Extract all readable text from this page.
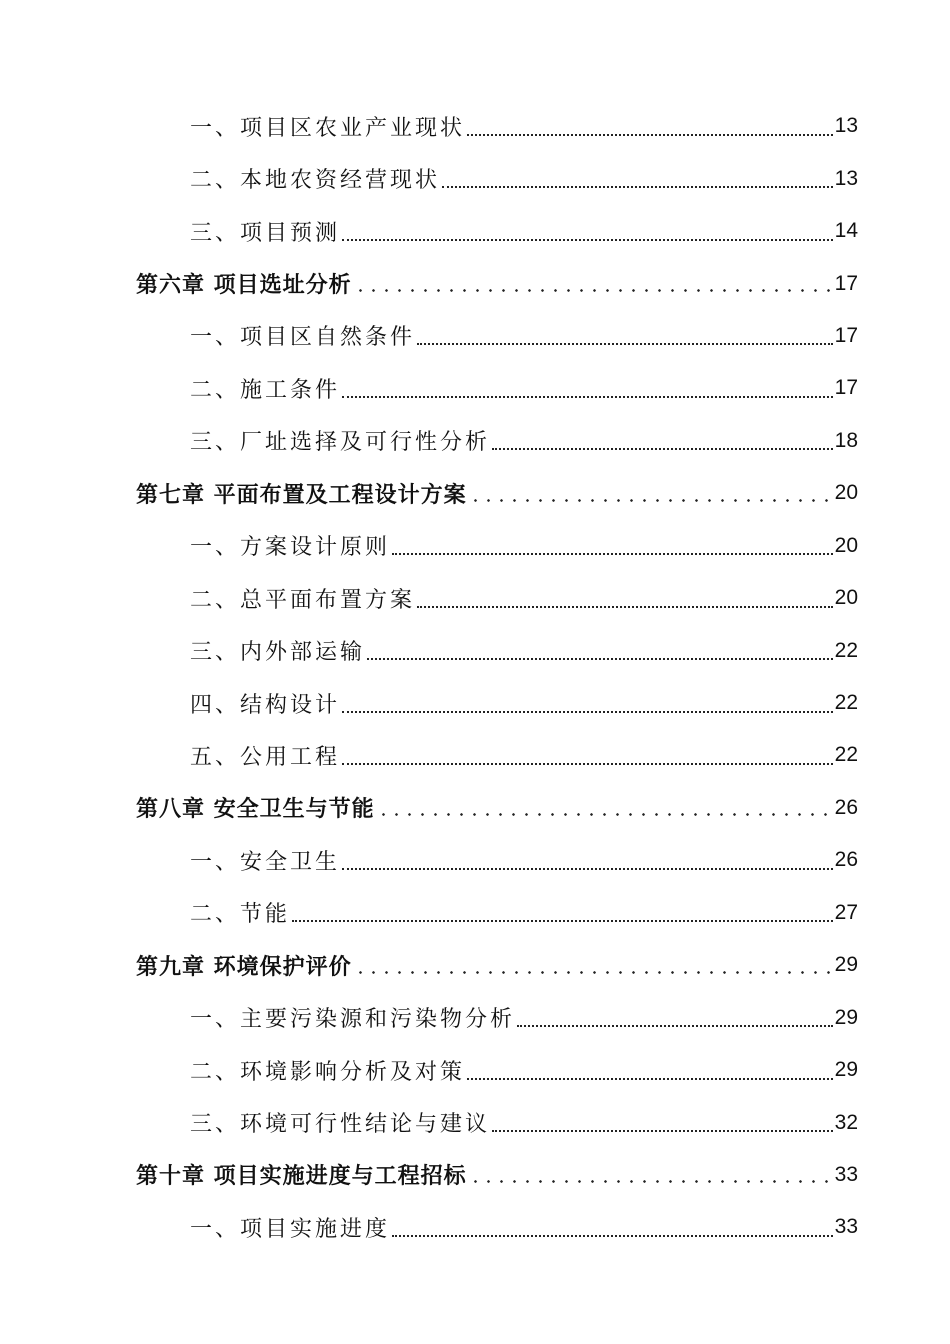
一、项目区农业产业现状	13
二、本地农资经营现状	13
三、项目预测	14
第六章 项目选址分析	17
一、项目区自然条件	17
二、施工条件	17
三、厂址选择及可行性分析	18
第七章 平面布置及工程设计方案	20
一、方案设计原则	20
二、总平面布置方案	20
三、内外部运输	22
四、结构设计	22
五、公用工程	22
第八章 安全卫生与节能	26
一、安全卫生	26
二、节能	27
第九章 环境保护评价	29
一、主要污染源和污染物分析	29
二、环境影响分析及对策	29
三、环境可行性结论与建议	32
第十章 项目实施进度与工程招标	33
一、项目实施进度	33
